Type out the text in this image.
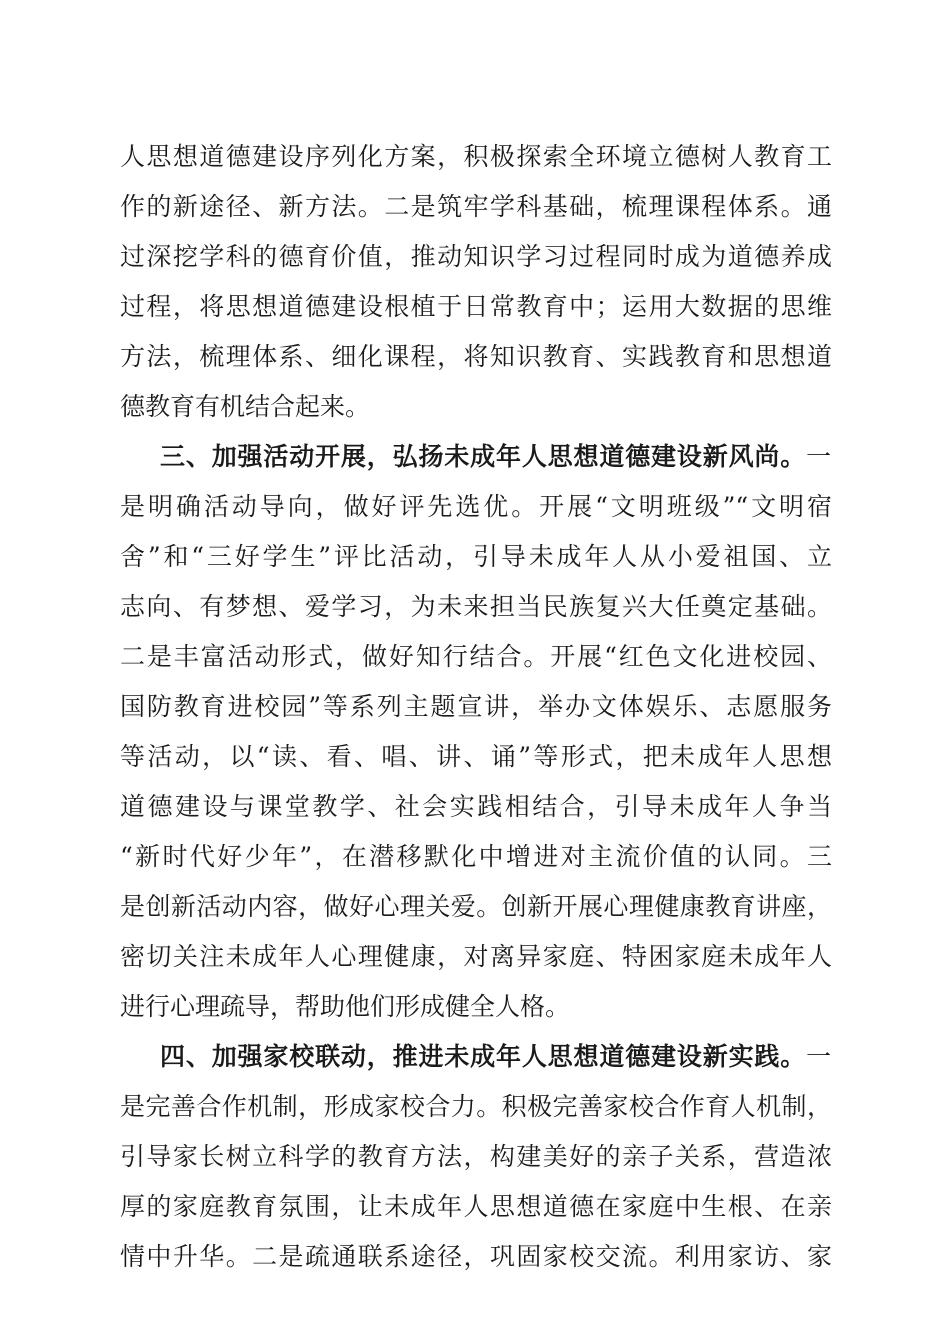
人思想道德建设序列化方案，积极探索全环境立德树人教育工
作的新途径、新方法。二是筑牢学科基础，梳理课程体系。通
过深挖学科的德育价值，推动知识学习过程同时成为道德养成
过程，将思想道德建设根植于日常教育中；运用大数据的思维
方法，梳理体系、细化课程，将知识教育、实践教育和思想道
德教育有机结合起来。
三、加强活动开展，弘扬未成年人思想道德建设新风尚。一
是明确活动导向，做好评先选优。开展“文明班级”“文明宿
舍”和“三好学生”评比活动，引导未成年人从小爱祖国、立
志向、有梦想、爱学习，为未来担当民族复兴大任奠定基础。
二是丰富活动形式，做好知行结合。开展“红色文化进校园、
国防教育进校园”等系列主题宣讲，举办文体娱乐、志愿服务
等活动，以“读、看、唱、讲、诵”等形式，把未成年人思想
道德建设与课堂教学、社会实践相结合，引导未成年人争当
“新时代好少年”，在潜移默化中增进对主流价值的认同。三
是创新活动内容，做好心理关爱。创新开展心理健康教育讲座，
密切关注未成年人心理健康，对离异家庭、特困家庭未成年人
进行心理疏导，帮助他们形成健全人格。
四、加强家校联动，推进未成年人思想道德建设新实践。一
是完善合作机制，形成家校合力。积极完善家校合作育人机制，
引导家长树立科学的教育方法，构建美好的亲子关系，营造浓
厚的家庭教育氛围，让未成年人思想道德在家庭中生根、在亲
情中升华。二是疏通联系途径，巩固家校交流。利用家访、家
